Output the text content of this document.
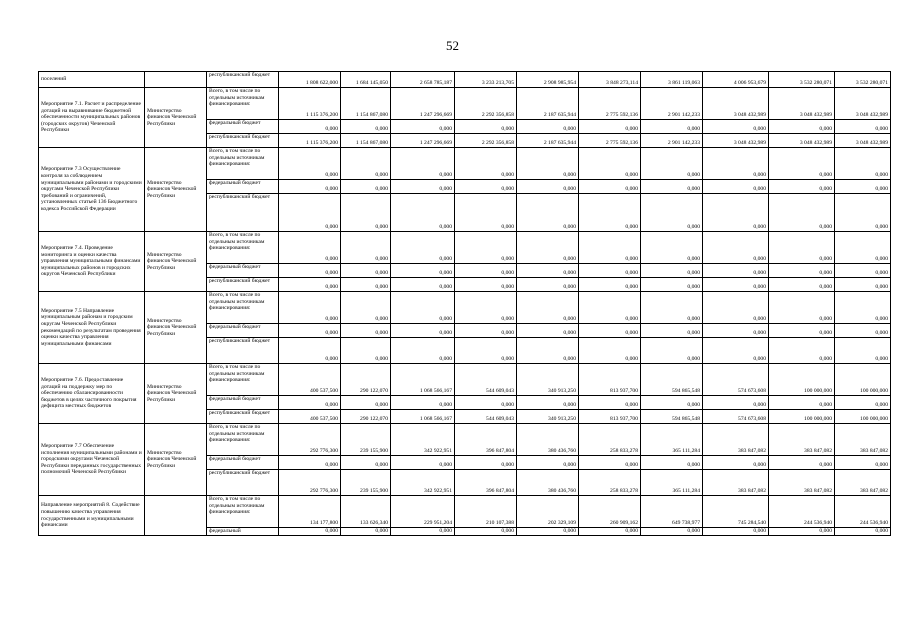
52
поселений		республиканский бюджет	1 808 622,000	1 684 145,050	2 658 785,187	3 233 213,705	2 908 985,954	3 848 273,114	3 861 119,063	4 006 953,679	3 532 280,071	3 532 280,071
Мероприятие 7.1. Расчет и распределение дотаций на выравнивание бюджетной обеспеченности муниципальных районов (городских округов) Чеченской Республики	Министерство финансов Чеченской Республики	Всего, в том числе по отдельным источникам финансирования:	1 115 376,200	1 154 867,080	1 247 296,669	2 292 356,858	2 187 635,944	2 775 592,136	2 901 142,233	3 048 432,989	3 048 432,989	3 048 432,989
		федеральный бюджет	0,000	0,000	0,000	0,000	0,000	0,000	0,000	0,000	0,000	0,000
		республиканский бюджет	1 115 376,200	1 154 867,080	1 247 296,669	2 292 356,858	2 187 635,944	2 775 592,136	2 901 142,233	3 048 432,989	3 048 432,989	3 048 432,989
Мероприятие 7.3 Осуществление контроля за соблюдением муниципальными районами и городскими округами Чеченской Республики требований и ограничений, установленных статьей 136 Бюджетного кодекса Российской Федерации	Министерство финансов Чеченской Республики	Всего, в том числе по отдельным источникам финансирования:	0,000	0,000	0,000	0,000	0,000	0,000	0,000	0,000	0,000	0,000
		федеральный бюджет	0,000	0,000	0,000	0,000	0,000	0,000	0,000	0,000	0,000	0,000
		республиканский бюджет	0,000	0,000	0,000	0,000	0,000	0,000	0,000	0,000	0,000	0,000
Мероприятие 7.4. Проведение мониторинга и оценки качества управления муниципальными финансами муниципальных районов и городских округов Чеченской Республики	Министерство финансов Чеченской Республики	Всего, в том числе по отдельным источникам финансирования:	0,000	0,000	0,000	0,000	0,000	0,000	0,000	0,000	0,000	0,000
		федеральный бюджет	0,000	0,000	0,000	0,000	0,000	0,000	0,000	0,000	0,000	0,000
		республиканский бюджет	0,000	0,000	0,000	0,000	0,000	0,000	0,000	0,000	0,000	0,000
Мероприятие 7.5 Направление муниципальным районам и городским округам Чеченской Республики рекомендаций по результатам проведения оценки качества управления муниципальными финансами	Министерство финансов Чеченской Республики	Всего, в том числе по отдельным источникам финансирования:	0,000	0,000	0,000	0,000	0,000	0,000	0,000	0,000	0,000	0,000
		федеральный бюджет	0,000	0,000	0,000	0,000	0,000	0,000	0,000	0,000	0,000	0,000
		республиканский бюджет	0,000	0,000	0,000	0,000	0,000	0,000	0,000	0,000	0,000	0,000
Мероприятие 7.6. Предоставление дотаций на поддержку мер по обеспечению сбалансированности бюджетов в целях частичного покрытия дефицита местных бюджетов	Министерство финансов Чеченской Республики	Всего, в том числе по отдельным источникам финансирования:	400 537,500	290 122,070	1 068 566,167	544 609,043	340 913,250	813 937,700	594 865,548	574 673,608	100 000,000	100 000,000
		федеральный бюджет	0,000	0,000	0,000	0,000	0,000	0,000	0,000	0,000	0,000	0,000
		республиканский бюджет	400 537,500	290 122,070	1 068 566,167	544 609,043	340 913,250	813 937,700	594 865,548	574 673,608	100 000,000	100 000,000
Мероприятие 7.7 Обеспечение исполнения муниципальными районами и городскими округами Чеченской Республики переданных государственных полномочий Чеченской Республики	Министерство финансов Чеченской Республики	Всего, в том числе по отдельным источникам финансирования:	292 776,300	239 155,900	342 922,951	396 847,804	380 436,760	258 833,278	365 111,284	383 847,082	383 847,082	383 847,082
		федеральный бюджет	0,000	0,000	0,000	0,000	0,000	0,000	0,000	0,000	0,000	0,000
		республиканский бюджет	292 776,300	239 155,900	342 922,951	396 847,804	380 436,760	258 833,278	365 111,284	383 847,082	383 847,082	383 847,082
Направление мероприятий 8. Содействие повышению качества управления государственными и муниципальными финансами		Всего, в том числе по отдельным источникам финансирования:	134 177,800	133 626,340	229 951,204	210 107,388	202 329,109	260 909,162	649 738,977	745 284,540	244 536,940	244 536,940
		федеральный	0,000	0,000	0,000	0,000	0,000	0,000	0,000	0,000	0,000	0,000
